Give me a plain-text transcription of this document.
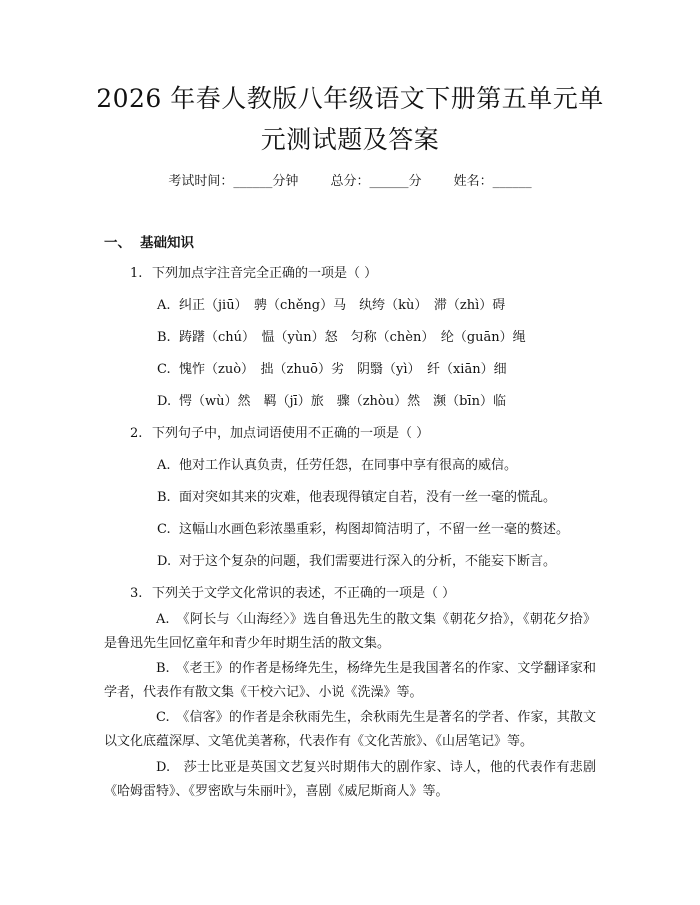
2026 年春人教版八年级语文下册第五单元单
元测试题及答案
考试时间：______分钟 总分：______分 姓名：______
一、 基础知识
1. 下列加点字注音完全正确的一项是（ ）
A. 纠正（jiū）　骋（chěng）马　纨绔（kù）　滞（zhì）碍
B. 踌躇（chú）　愠（yùn）怒　匀称（chèn）　纶（guān）绳
C. 愧怍（zuò）　拙（zhuō）劣　阴翳（yì）　纤（xiān）细
D. 愕（wù）然　羁（jī）旅　骤（zhòu）然　濒（bīn）临
2. 下列句子中，加点词语使用不正确的一项是（ ）
A. 他对工作认真负责，任劳任怨，在同事中享有很高的威信。
B. 面对突如其来的灾难，他表现得镇定自若，没有一丝一毫的慌乱。
C. 这幅山水画色彩浓墨重彩，构图却简洁明了，不留一丝一毫的赘述。
D. 对于这个复杂的问题，我们需要进行深入的分析，不能妄下断言。
3. 下列关于文学文化常识的表述，不正确的一项是（ ）
A.　 《阿长与〈山海经〉》选自鲁迅先生的散文集《朝花夕拾》，《朝花夕拾》是鲁迅先生回忆童年和青少年时期生活的散文集。
B.　 《老王》的作者是杨绛先生，杨绛先生是我国著名的作家、文学翻译家和学者，代表作有散文集《干校六记》、小说《洗澡》等。
C.　 《信客》的作者是余秋雨先生，余秋雨先生是著名的学者、作家，其散文以文化底蕴深厚、文笔优美著称，代表作有《文化苦旅》、《山居笔记》等。
D.　 莎士比亚是英国文艺复兴时期伟大的剧作家、诗人，他的代表作有悲剧《哈姆雷特》、《罗密欧与朱丽叶》，喜剧《威尼斯商人》等。
